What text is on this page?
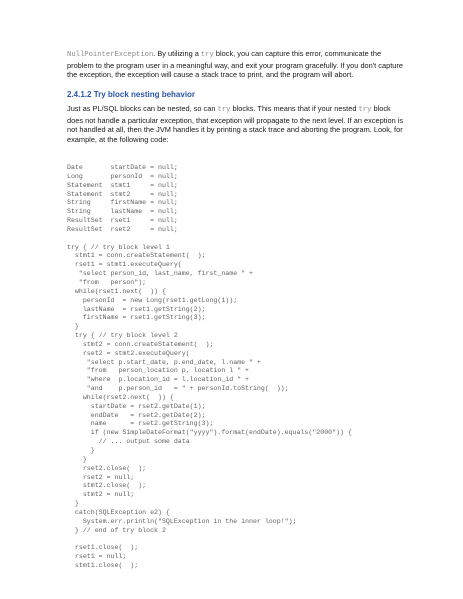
NullPointerException. By utilizing a try block, you can capture this error, communicate the problem to the program user in a meaningful way, and exit your program gracefully. If you don't capture the exception, the exception will cause a stack trace to print, and the program will abort.

2.4.1.2 Try block nesting behavior

Just as PL/SQL blocks can be nested, so can try blocks. This means that if your nested try block does not handle a particular exception, that exception will propagate to the next level. If an exception is not handled at all, then the JVM handles it by printing a stack trace and aborting the program. Look, for example, at the following code:

Date       startDate = null;
Long       personId  = null;
Statement  stmt1     = null;
Statement  stmt2     = null;
String     firstName = null;
String     lastName  = null;
ResultSet  rset1     = null;
ResultSet  rset2     = null;
try { // try block level 1
stmt1 = conn.createStatement(  );
rset1 = stmt1.executeQuery(
"select person_id, last_name, first_name " +
"from   person");
while(rset1.next(  )) {
personId  = new Long(rset1.getLong(1));
lastName  = rset1.getString(2);
firstName = rset1.getString(3);
}
try { // try block level 2
stmt2 = conn.createStatement(  );
rset2 = stmt2.executeQuery(
"select p.start_date, p.end_date, l.name " +
"from   person_location p, location l " +
"where  p.location_id = l.location_id " +
"and    p.person_id   = " + personId.toString(  ));
while(rset2.next(  )) {
startDate = rset2.getDate(1);
endDate   = rset2.getDate(2);
name      = rset2.getString(3);
if (new SimpleDateFormat("yyyy").format(endDate).equals("2000")) {
// ... output some data
}
}
rset2.close(  );
rset2 = null;
stmt2.close(  );
stmt2 = null;
}
catch(SQLException e2) {
System.err.println("SQLException in the inner loop!");
} // end of try block 2
rset1.close(  );
rset1 = null;
stmt1.close(  );
